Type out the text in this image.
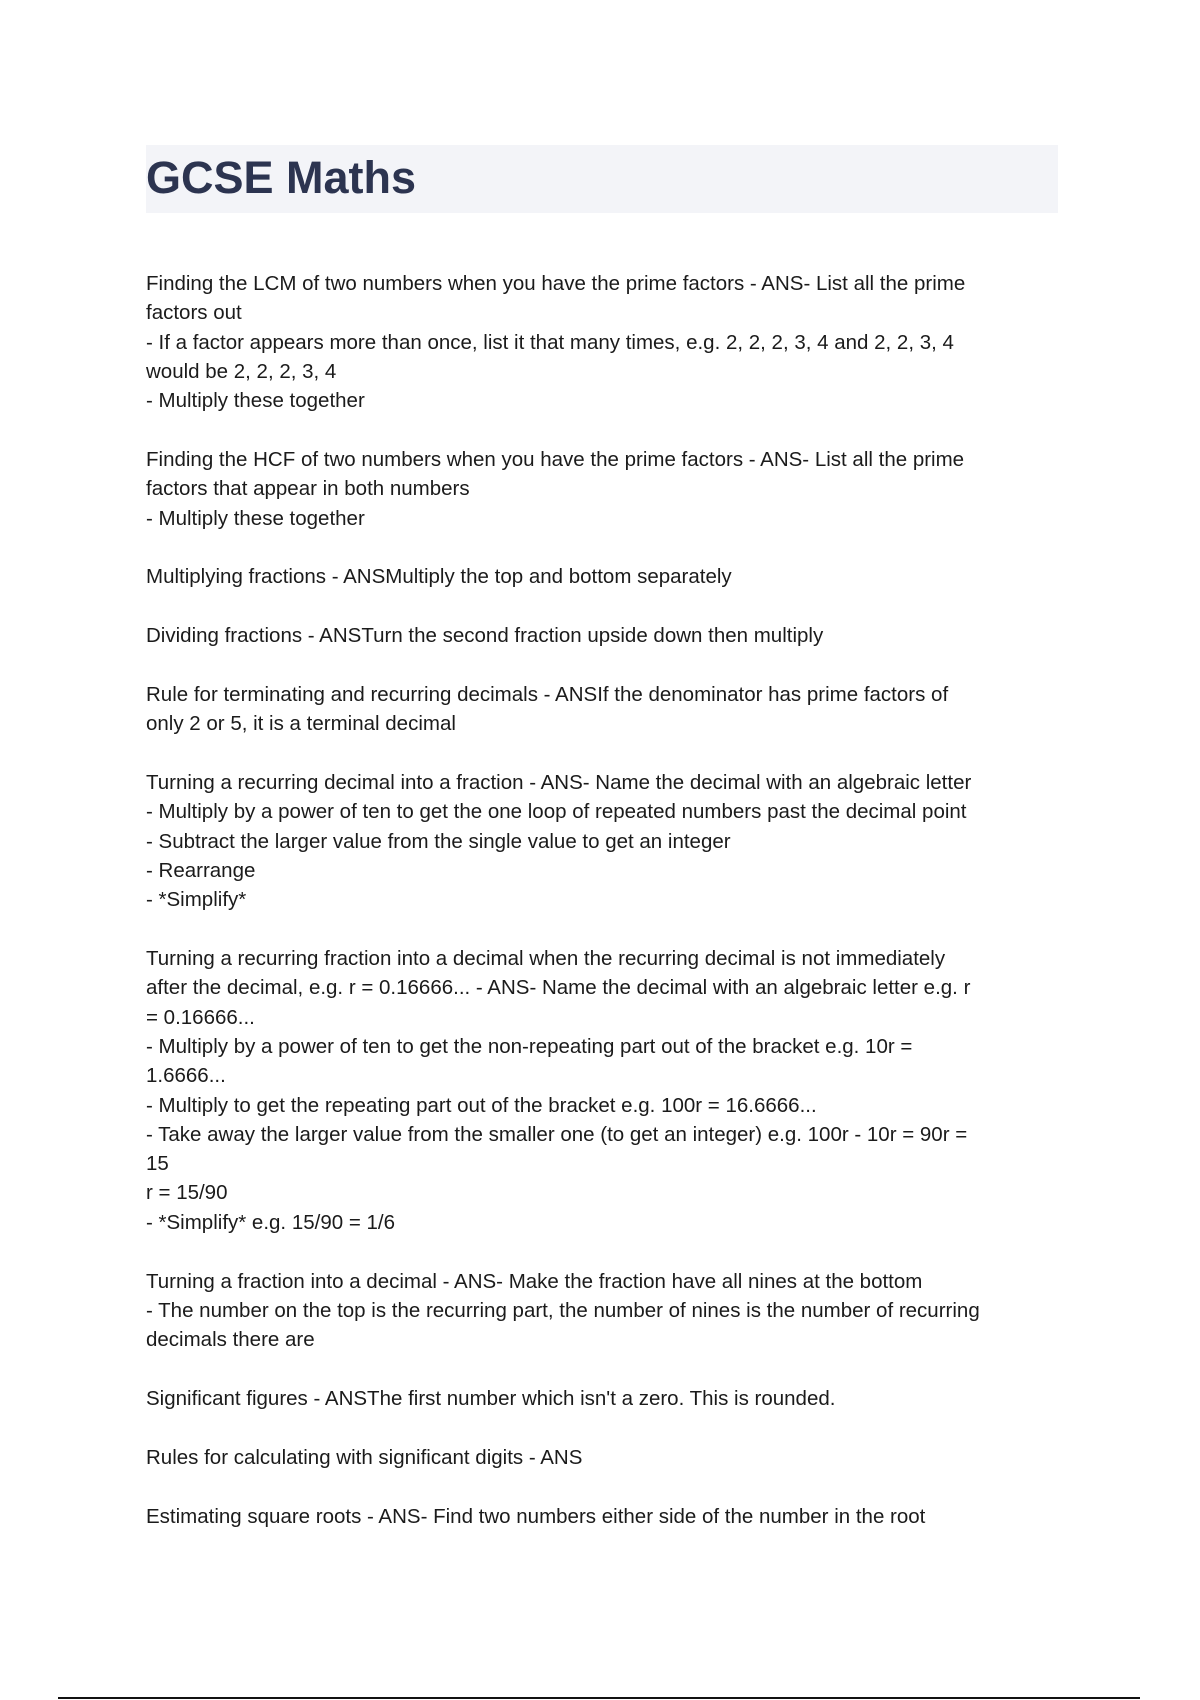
GCSE Maths
Finding the LCM of two numbers when you have the prime factors - ANS- List all the prime
factors out
- If a factor appears more than once, list it that many times, e.g. 2, 2, 2, 3, 4 and 2, 2, 3, 4
would be 2, 2, 2, 3, 4
- Multiply these together
Finding the HCF of two numbers when you have the prime factors - ANS- List all the prime
factors that appear in both numbers
- Multiply these together
Multiplying fractions - ANSMultiply the top and bottom separately
Dividing fractions - ANSTurn the second fraction upside down then multiply
Rule for terminating and recurring decimals - ANSIf the denominator has prime factors of
only 2 or 5, it is a terminal decimal
Turning a recurring decimal into a fraction - ANS- Name the decimal with an algebraic letter
- Multiply by a power of ten to get the one loop of repeated numbers past the decimal point
- Subtract the larger value from the single value to get an integer
- Rearrange
- *Simplify*
Turning a recurring fraction into a decimal when the recurring decimal is not immediately
after the decimal, e.g. r = 0.16666... - ANS- Name the decimal with an algebraic letter e.g. r
= 0.16666...
- Multiply by a power of ten to get the non-repeating part out of the bracket e.g. 10r =
1.6666...
- Multiply to get the repeating part out of the bracket e.g. 100r = 16.6666...
- Take away the larger value from the smaller one (to get an integer) e.g. 100r - 10r = 90r =
15
r = 15/90
- *Simplify* e.g. 15/90 = 1/6
Turning a fraction into a decimal - ANS- Make the fraction have all nines at the bottom
- The number on the top is the recurring part, the number of nines is the number of recurring
decimals there are
Significant figures - ANSThe first number which isn't a zero. This is rounded.
Rules for calculating with significant digits - ANS
Estimating square roots - ANS- Find two numbers either side of the number in the root
